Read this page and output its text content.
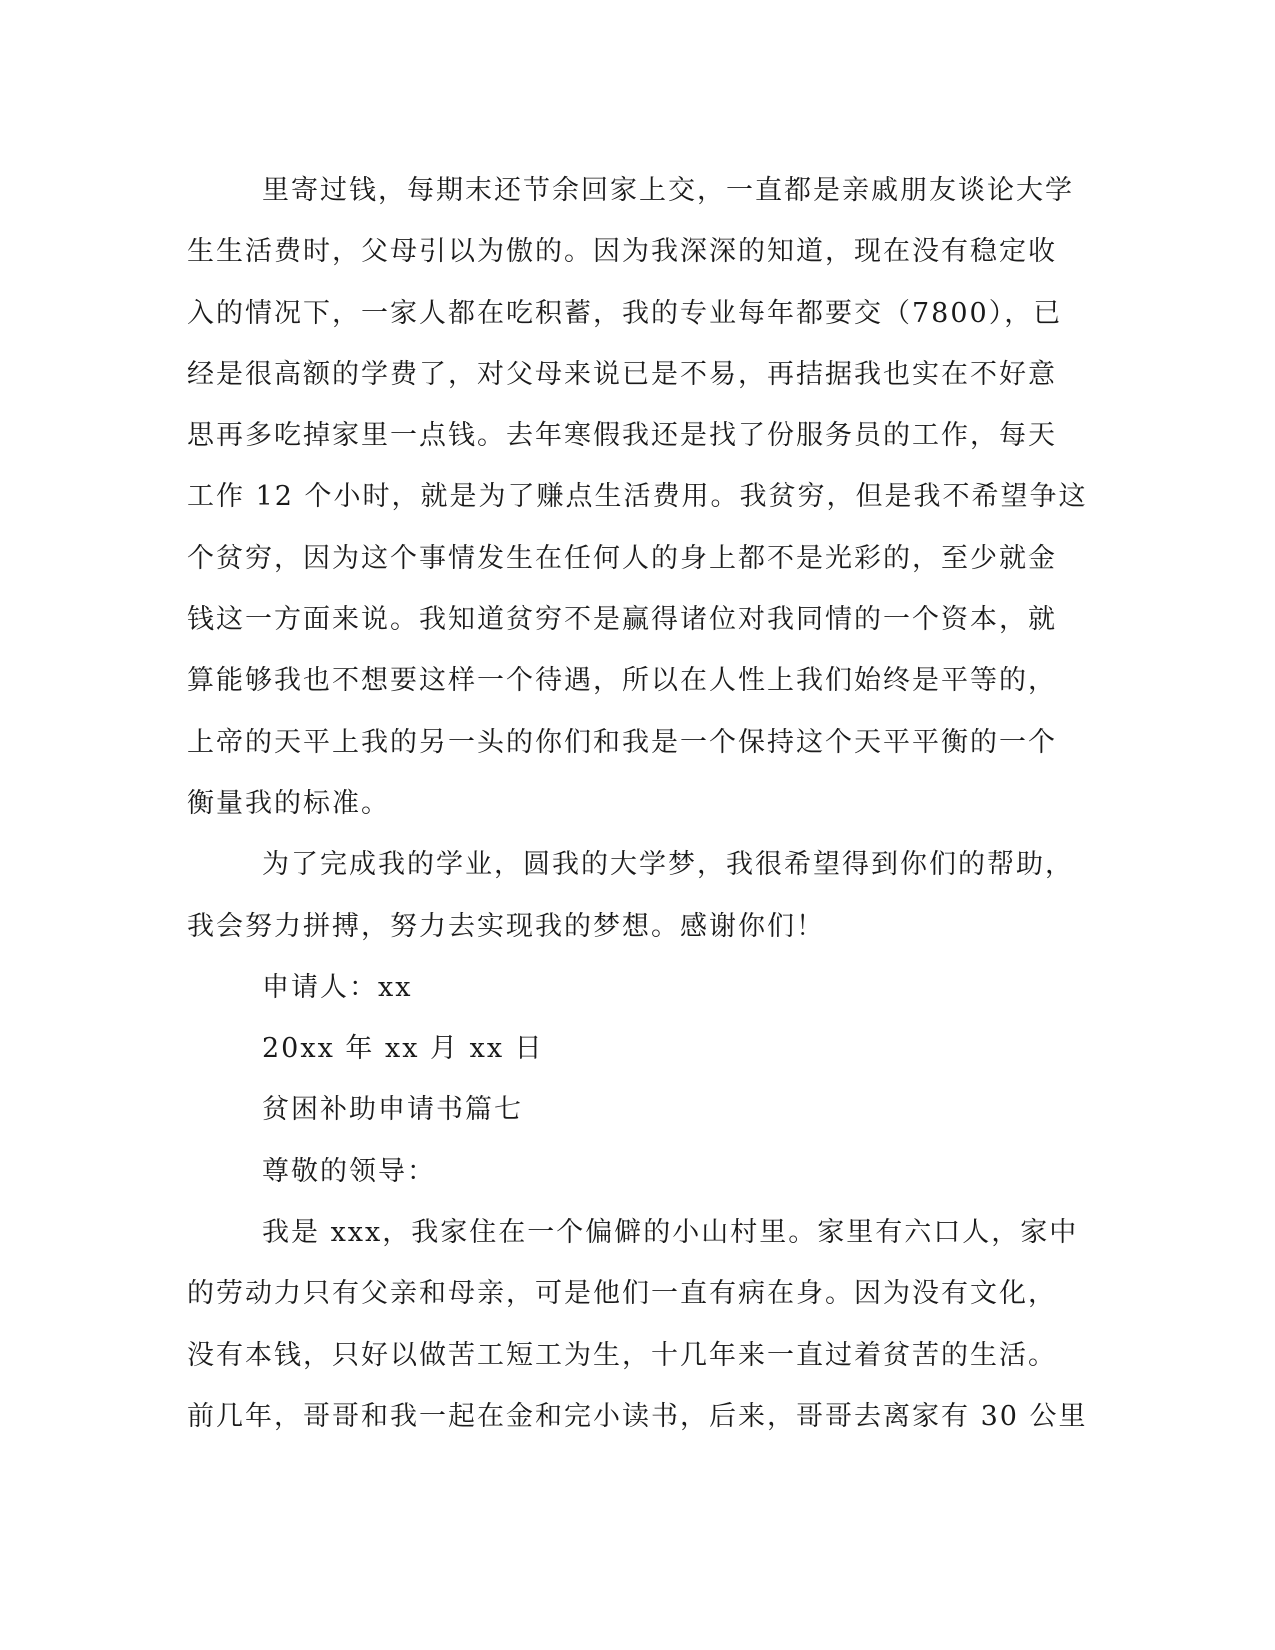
里寄过钱，每期末还节余回家上交，一直都是亲戚朋友谈论大学
生生活费时，父母引以为傲的。因为我深深的知道，现在没有稳定收
入的情况下，一家人都在吃积蓄，我的专业每年都要交（7800），已
经是很高额的学费了，对父母来说已是不易，再拮据我也实在不好意
思再多吃掉家里一点钱。去年寒假我还是找了份服务员的工作，每天
工作 12 个小时，就是为了赚点生活费用。我贫穷，但是我不希望争这
个贫穷，因为这个事情发生在任何人的身上都不是光彩的，至少就金
钱这一方面来说。我知道贫穷不是赢得诸位对我同情的一个资本，就
算能够我也不想要这样一个待遇，所以在人性上我们始终是平等的，
上帝的天平上我的另一头的你们和我是一个保持这个天平平衡的一个
衡量我的标准。
为了完成我的学业，圆我的大学梦，我很希望得到你们的帮助，
我会努力拼搏，努力去实现我的梦想。感谢你们！
申请人：xx
20xx 年 xx 月 xx 日
贫困补助申请书篇七
尊敬的领导：
我是 xxx，我家住在一个偏僻的小山村里。家里有六口人，家中
的劳动力只有父亲和母亲，可是他们一直有病在身。因为没有文化，
没有本钱，只好以做苦工短工为生，十几年来一直过着贫苦的生活。
前几年，哥哥和我一起在金和完小读书，后来，哥哥去离家有 30 公里
